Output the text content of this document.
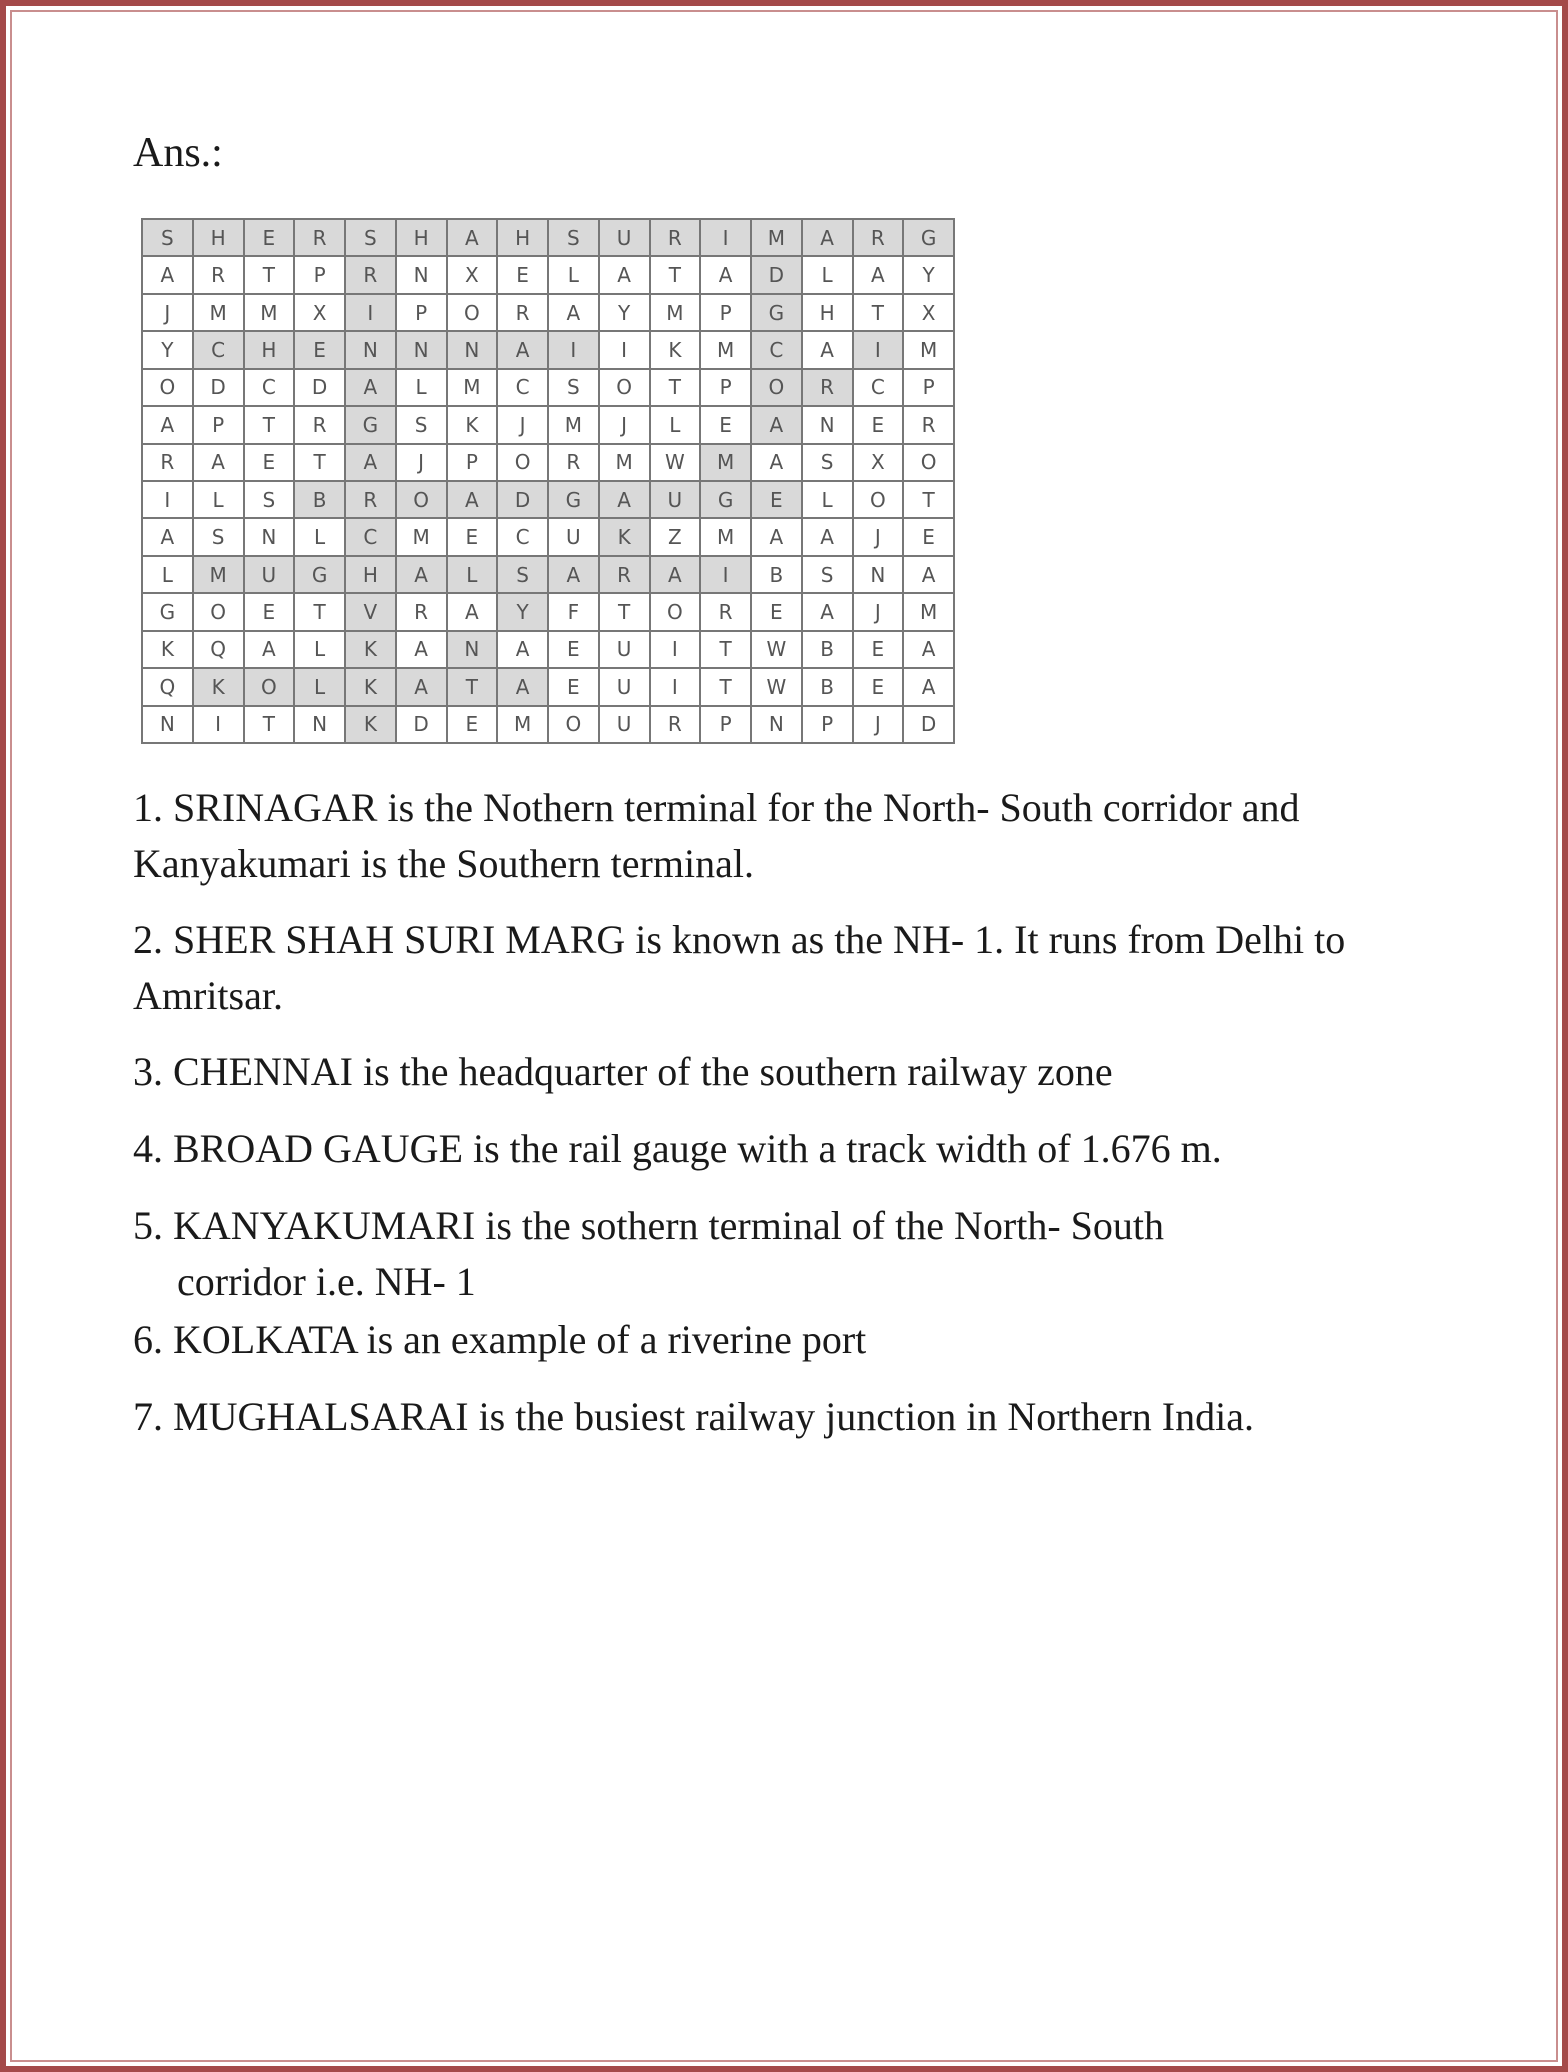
Ans.:
S	H	E	R	S	H	A	H	S	U	R	I	M	A	R	G
A	R	T	P	R	N	X	E	L	A	T	A	D	L	A	Y
J	M	M	X	I	P	O	R	A	Y	M	P	G	H	T	X
Y	C	H	E	N	N	N	A	I	I	K	M	C	A	I	M
O	D	C	D	A	L	M	C	S	O	T	P	O	R	C	P
A	P	T	R	G	S	K	J	M	J	L	E	A	N	E	R
R	A	E	T	A	J	P	O	R	M	W	M	A	S	X	O
I	L	S	B	R	O	A	D	G	A	U	G	E	L	O	T
A	S	N	L	C	M	E	C	U	K	Z	M	A	A	J	E
L	M	U	G	H	A	L	S	A	R	A	I	B	S	N	A
G	O	E	T	V	R	A	Y	F	T	O	R	E	A	J	M
K	Q	A	L	K	A	N	A	E	U	I	T	W	B	E	A
Q	K	O	L	K	A	T	A	E	U	I	T	W	B	E	A
N	I	T	N	K	D	E	M	O	U	R	P	N	P	J	D

1. SRINAGAR is the Nothern terminal for the North- South corridor and Kanyakumari is the Southern terminal.

2. SHER SHAH SURI MARG is known as the NH- 1. It runs from Delhi to Amritsar.

3. CHENNAI is the headquarter of the southern railway zone

4. BROAD GAUGE is the rail gauge with a track width of 1.676 m.

5. KANYAKUMARI is the sothern terminal of the North- South
corridor i.e. NH- 1

6. KOLKATA is an example of a riverine port

7. MUGHALSARAI is the busiest railway junction in Northern India.
